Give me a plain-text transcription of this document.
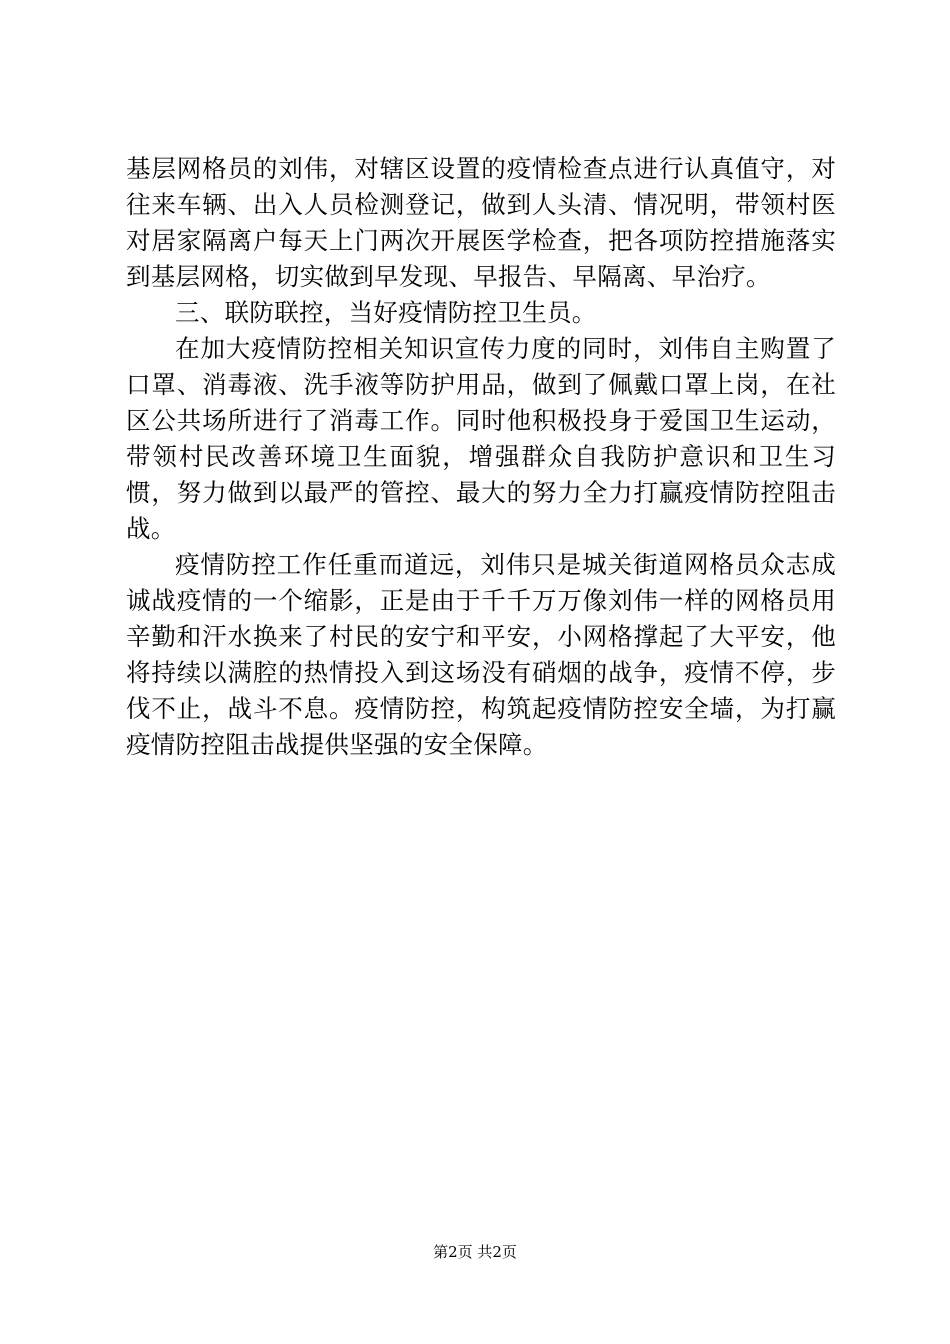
基层网格员的刘伟，对辖区设置的疫情检查点进行认真值守，对往来车辆、出入人员检测登记，做到人头清、情况明，带领村医对居家隔离户每天上门两次开展医学检查，把各项防控措施落实到基层网格，切实做到早发现、早报告、早隔离、早治疗。

三、联防联控，当好疫情防控卫生员。

在加大疫情防控相关知识宣传力度的同时，刘伟自主购置了口罩、消毒液、洗手液等防护用品，做到了佩戴口罩上岗，在社区公共场所进行了消毒工作。同时他积极投身于爱国卫生运动，带领村民改善环境卫生面貌，增强群众自我防护意识和卫生习惯，努力做到以最严的管控、最大的努力全力打赢疫情防控阻击战。

疫情防控工作任重而道远，刘伟只是城关街道网格员众志成诚战疫情的一个缩影，正是由于千千万万像刘伟一样的网格员用辛勤和汗水换来了村民的安宁和平安，小网格撑起了大平安，他将持续以满腔的热情投入到这场没有硝烟的战争，疫情不停，步伐不止，战斗不息。疫情防控，构筑起疫情防控安全墙，为打赢疫情防控阻击战提供坚强的安全保障。

第2页 共2页
